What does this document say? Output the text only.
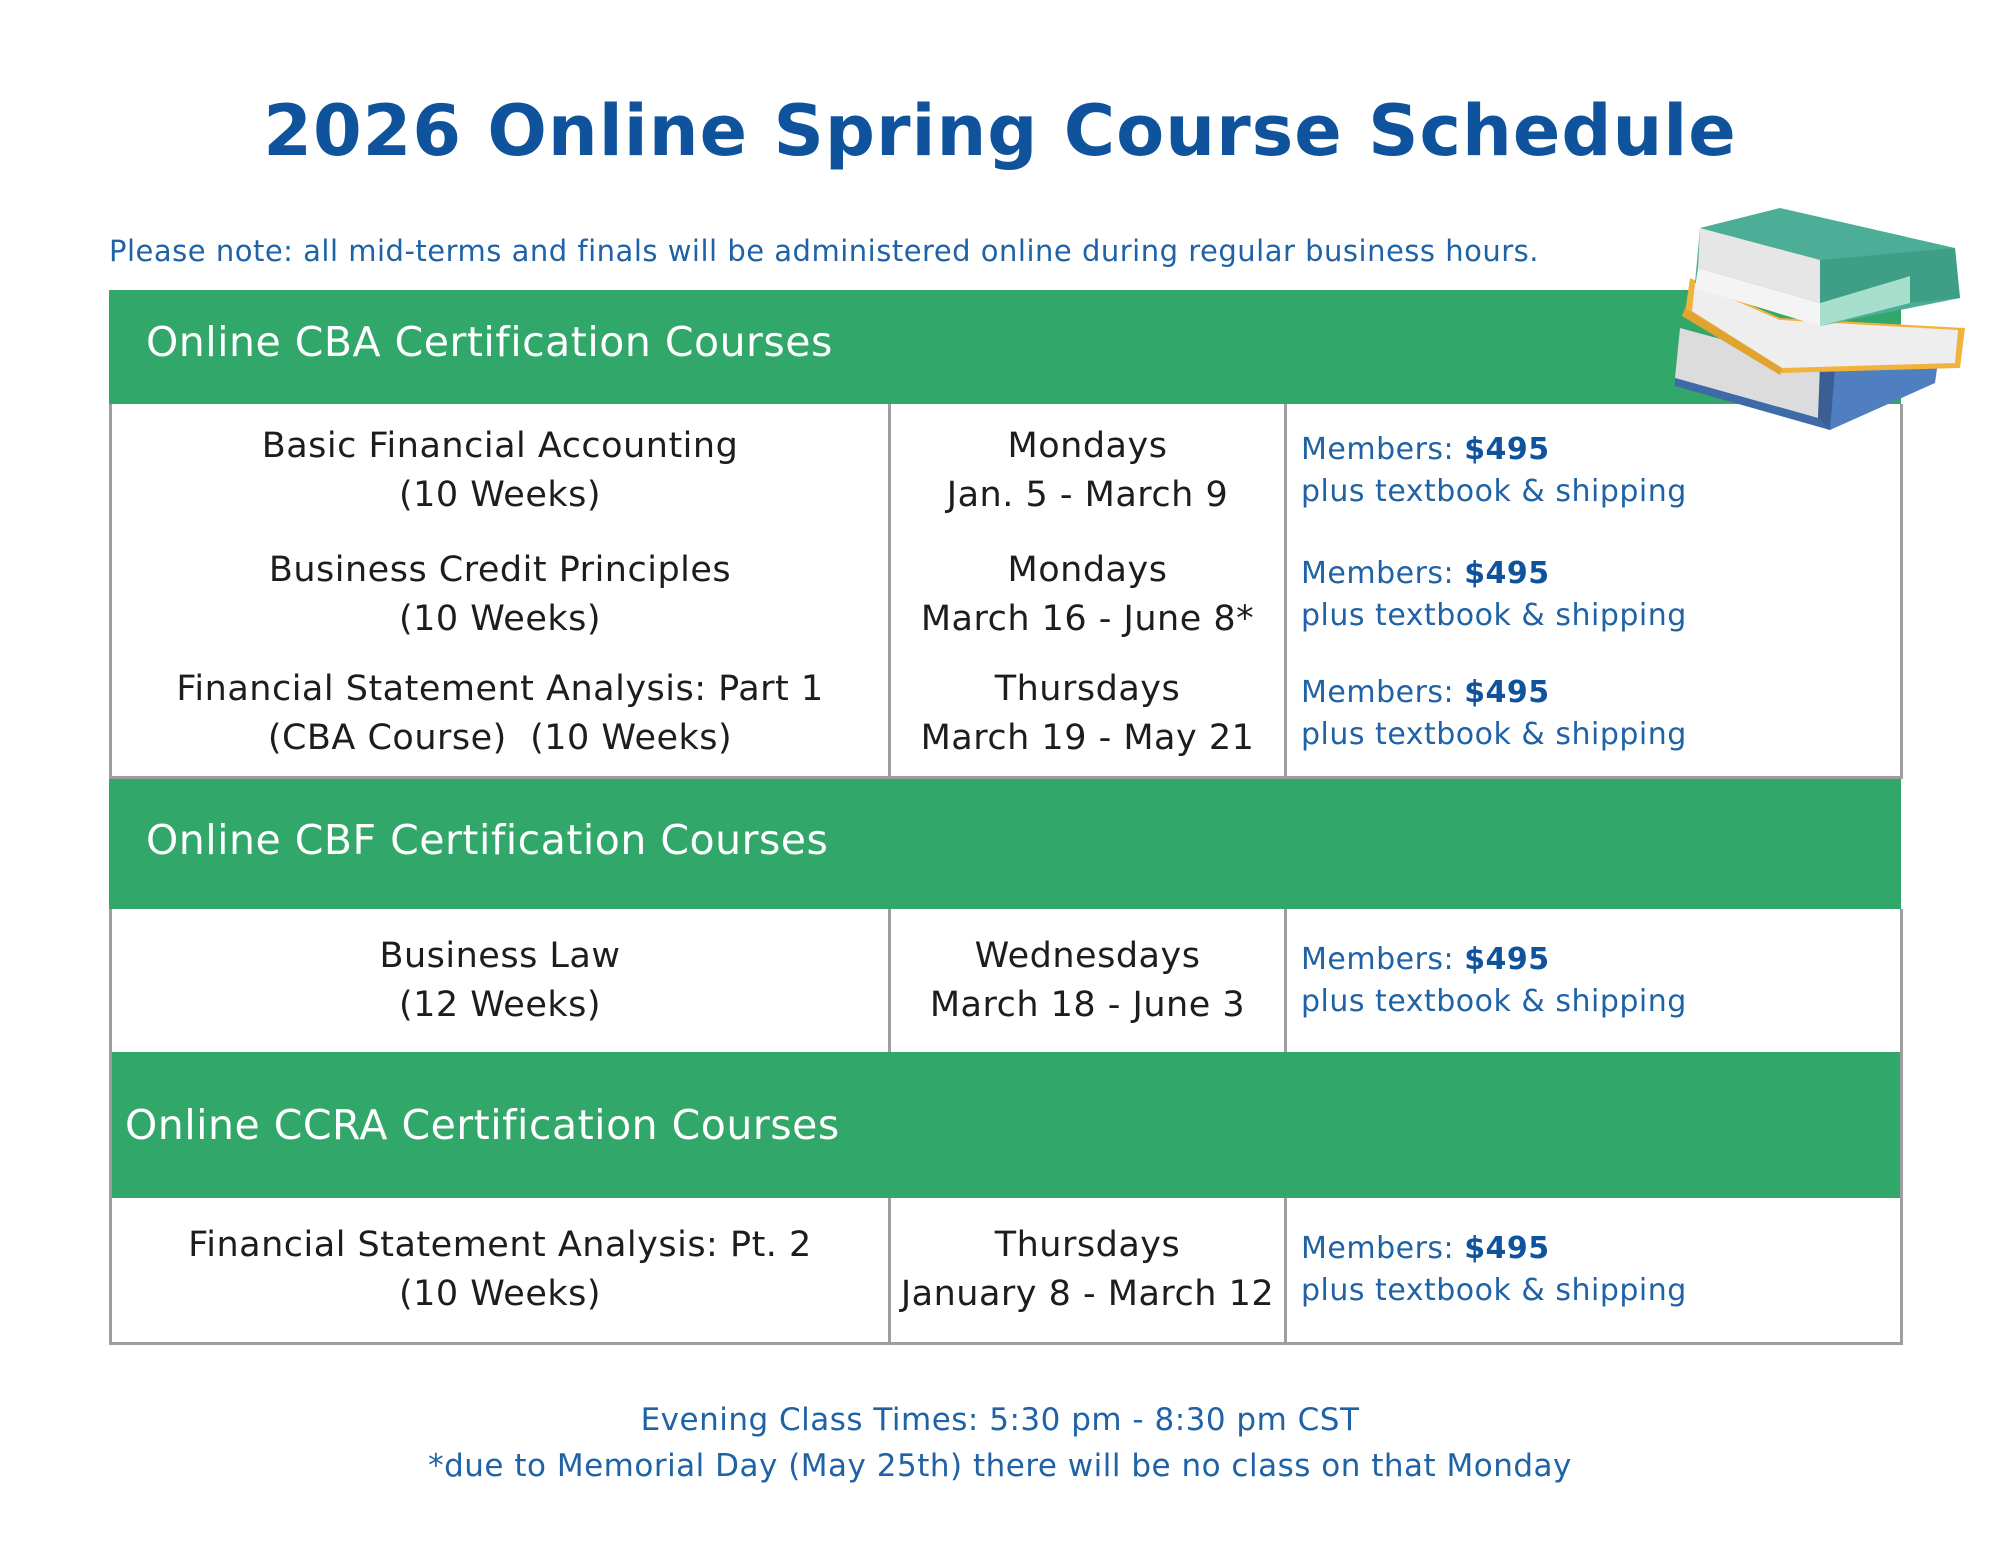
2026 Online Spring Course Schedule
Please note: all mid-terms and finals will be administered online during regular business hours.
Online CBA Certification Courses
Basic Financial Accounting
(10 Weeks)
Mondays
Jan. 5 - March 9
Members: $495
plus textbook & shipping
Business Credit Principles
(10 Weeks)
Mondays
March 16 - June 8*
Members: $495
plus textbook & shipping
Financial Statement Analysis: Part 1
(CBA Course)  (10 Weeks)
Thursdays
March 19 - May 21
Members: $495
plus textbook & shipping
Online CBF Certification Courses
Business Law
(12 Weeks)
Wednesdays
March 18 - June 3
Members: $495
plus textbook & shipping
Online CCRA Certification Courses
Financial Statement Analysis: Pt. 2
(10 Weeks)
Thursdays
January 8 - March 12
Members: $495
plus textbook & shipping
Evening Class Times: 5:30 pm - 8:30 pm CST
*due to Memorial Day (May 25th) there will be no class on that Monday
